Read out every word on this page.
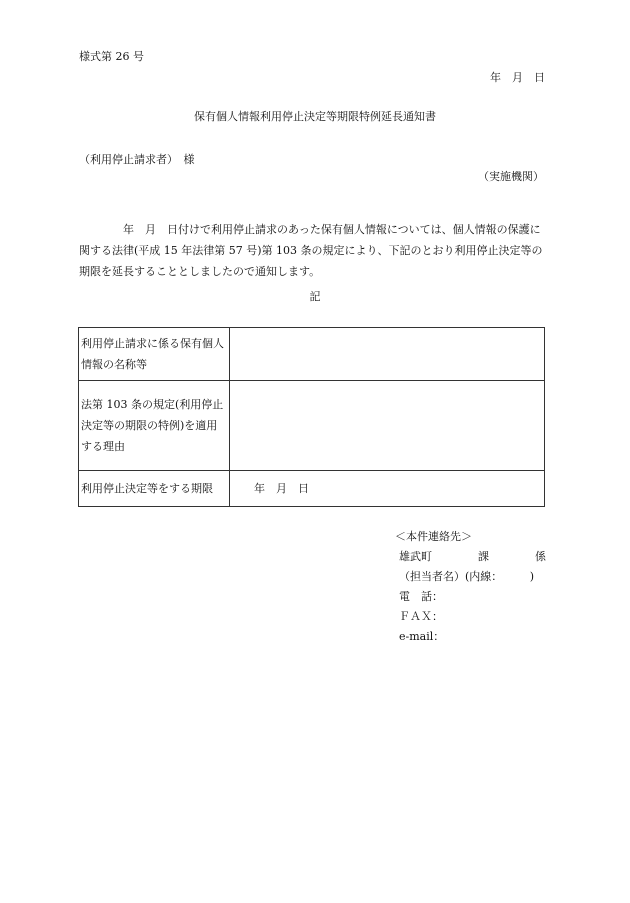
様式第 26 号
年　月　日
保有個人情報利用停止決定等期限特例延長通知書
（利用停止請求者）　様
（実施機関）

年　月　日付けで利用停止請求のあった保有個人情報については、個人情報の保護に関する法律(平成 15 年法律第 57 号)第 103 条の規定により、下記のとおり利用停止決定等の期限を延長することとしましたので通知します。

記
利用停止請求に係る保有個人情報の名称等	
法第 103 条の規定(利用停止決定等の期限の特例)を適用する理由	
利用停止決定等をする期限	年　月　日
＜本件連絡先＞
雄武町	課	係
（担当者名）(内線：　　　)
電　話：
ＦＡＸ：
e-mail：
